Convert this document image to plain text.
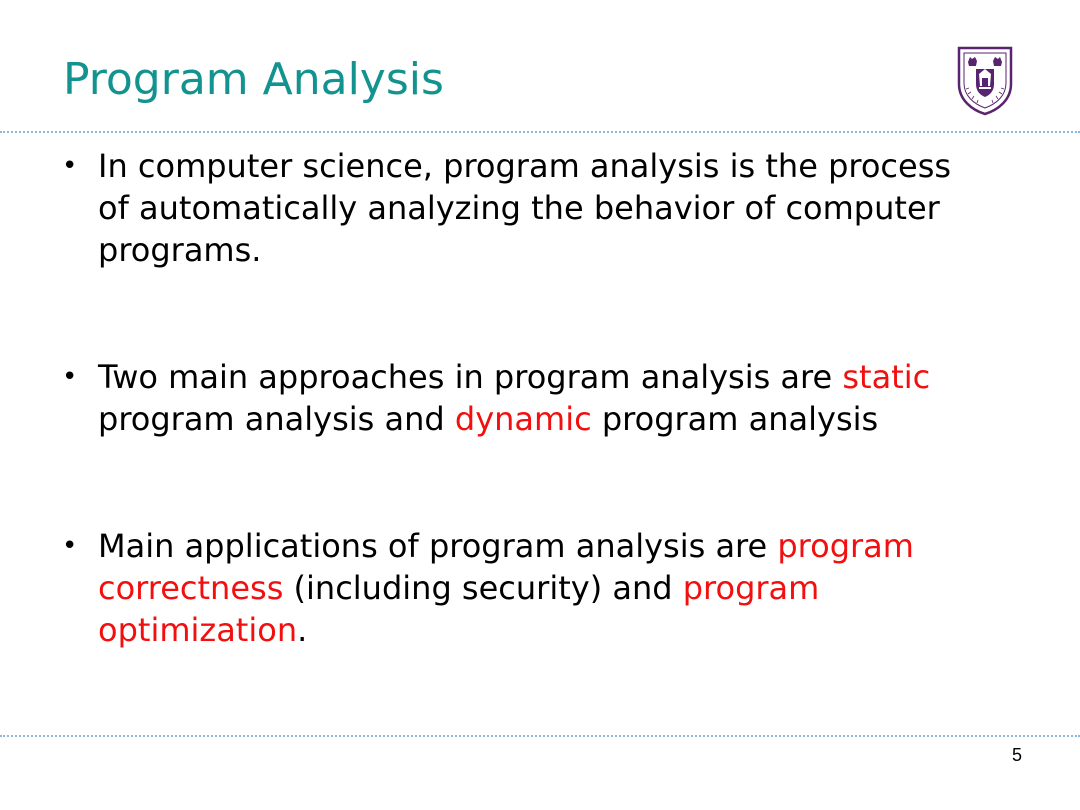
Program Analysis
• In computer science, program analysis is the process of automatically analyzing the behavior of computer programs.
• Two main approaches in program analysis are static program analysis and dynamic program analysis
• Main applications of program analysis are program correctness (including security) and program optimization.
5
